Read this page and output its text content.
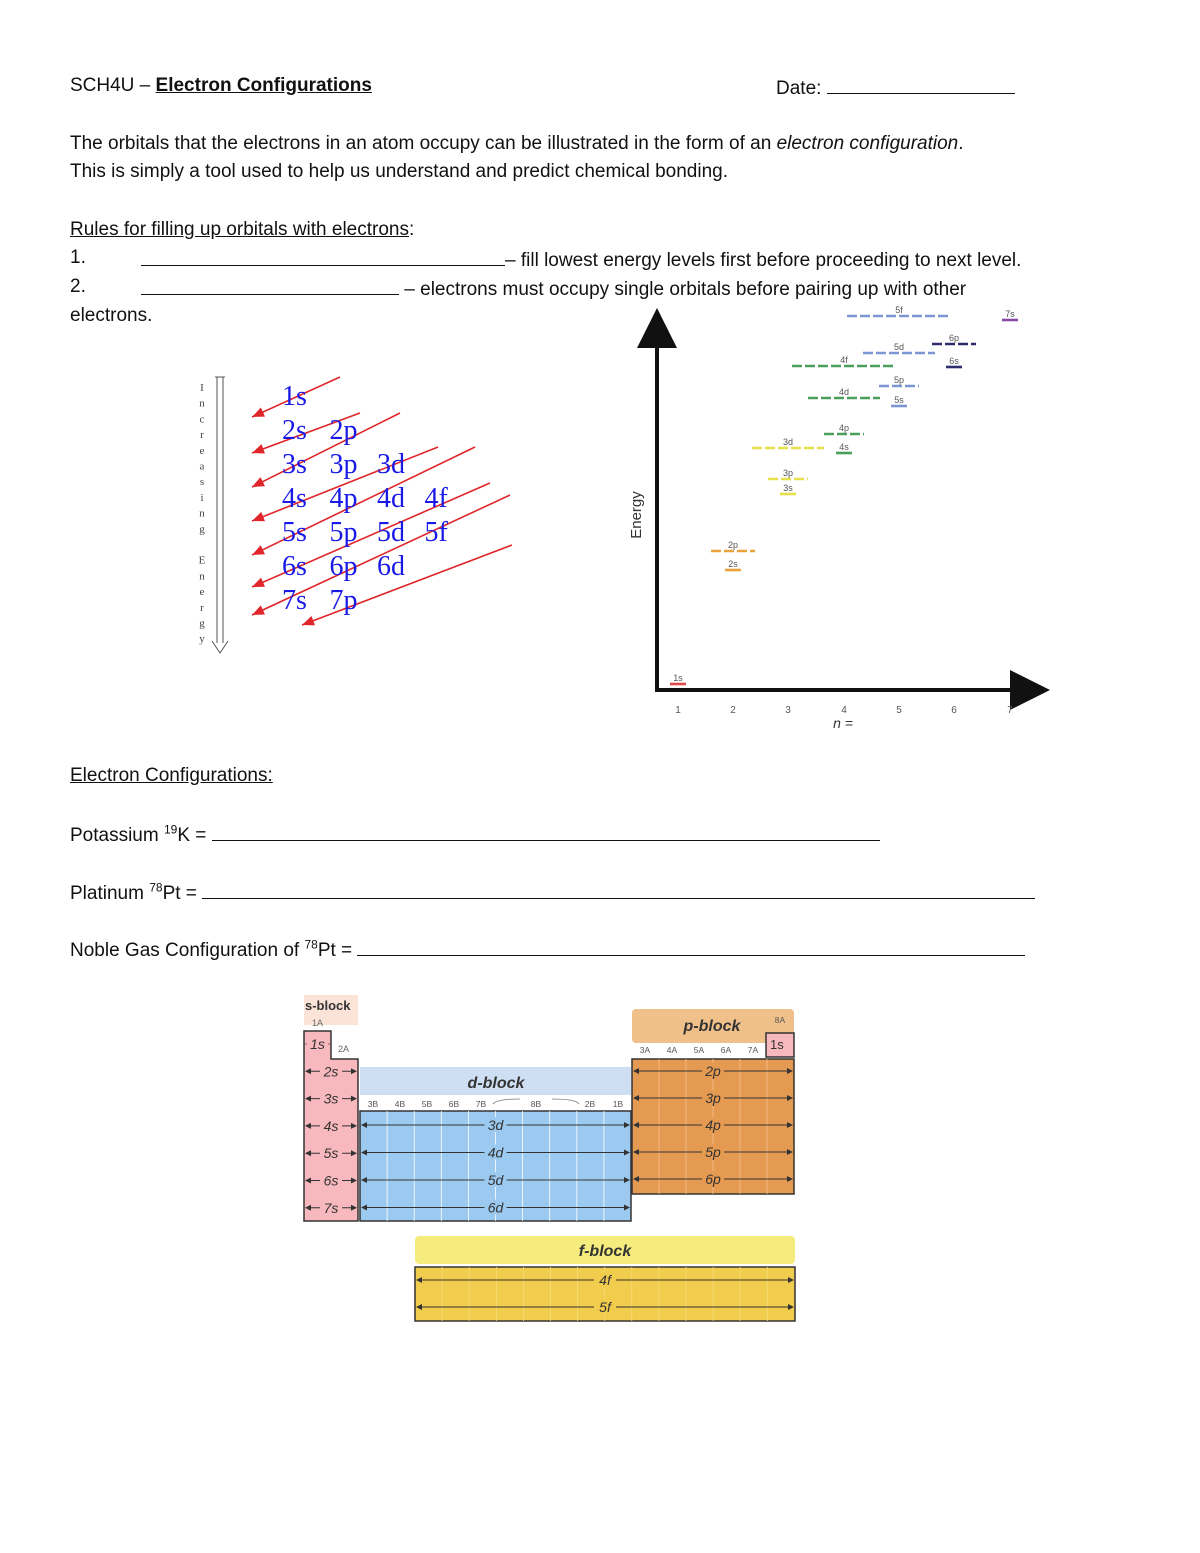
SCH4U – Electron Configurations	Date:
The orbitals that the electrons in an atom occupy can be illustrated in the form of an electron configuration.
This is simply a tool used to help us understand and predict chemical bonding.
Rules for filling up orbitals with electrons:
1.	– fill lowest energy levels first before proceeding to next level.
2.	– electrons must occupy single orbitals before pairing up with other
electrons.
I
n
c
r
e
a
s
i
n
g
E
n
e
r
g
y
1s
2s 2p
3s 3p 3d
4s 4p 4d 4f
5s 5p 5d 5f
6s 6p 6d
7s 7p
Energy
n =
1	2	3	4	5	6	7
1s
2s
2p
3s
3p
3d	4s
4p
4d
4f
5s
5p
5d
5f
6s
6p
7s
Electron Configurations:
Potassium $^{19}$K =
Platinum $^{78}$Pt =
Noble Gas Configuration of $^{78}$Pt =
s-block
1A
2A
1s
2s
3s
4s
5s
6s
7s
d-block
3B 4B 5B 6B 7B	8B	1B
2B
3d
4d
5d
6d
p-block
3A 4A 5A 6A 7A
8A
1s
2p
3p
4p
5p
6p
f-block
4f
5f
